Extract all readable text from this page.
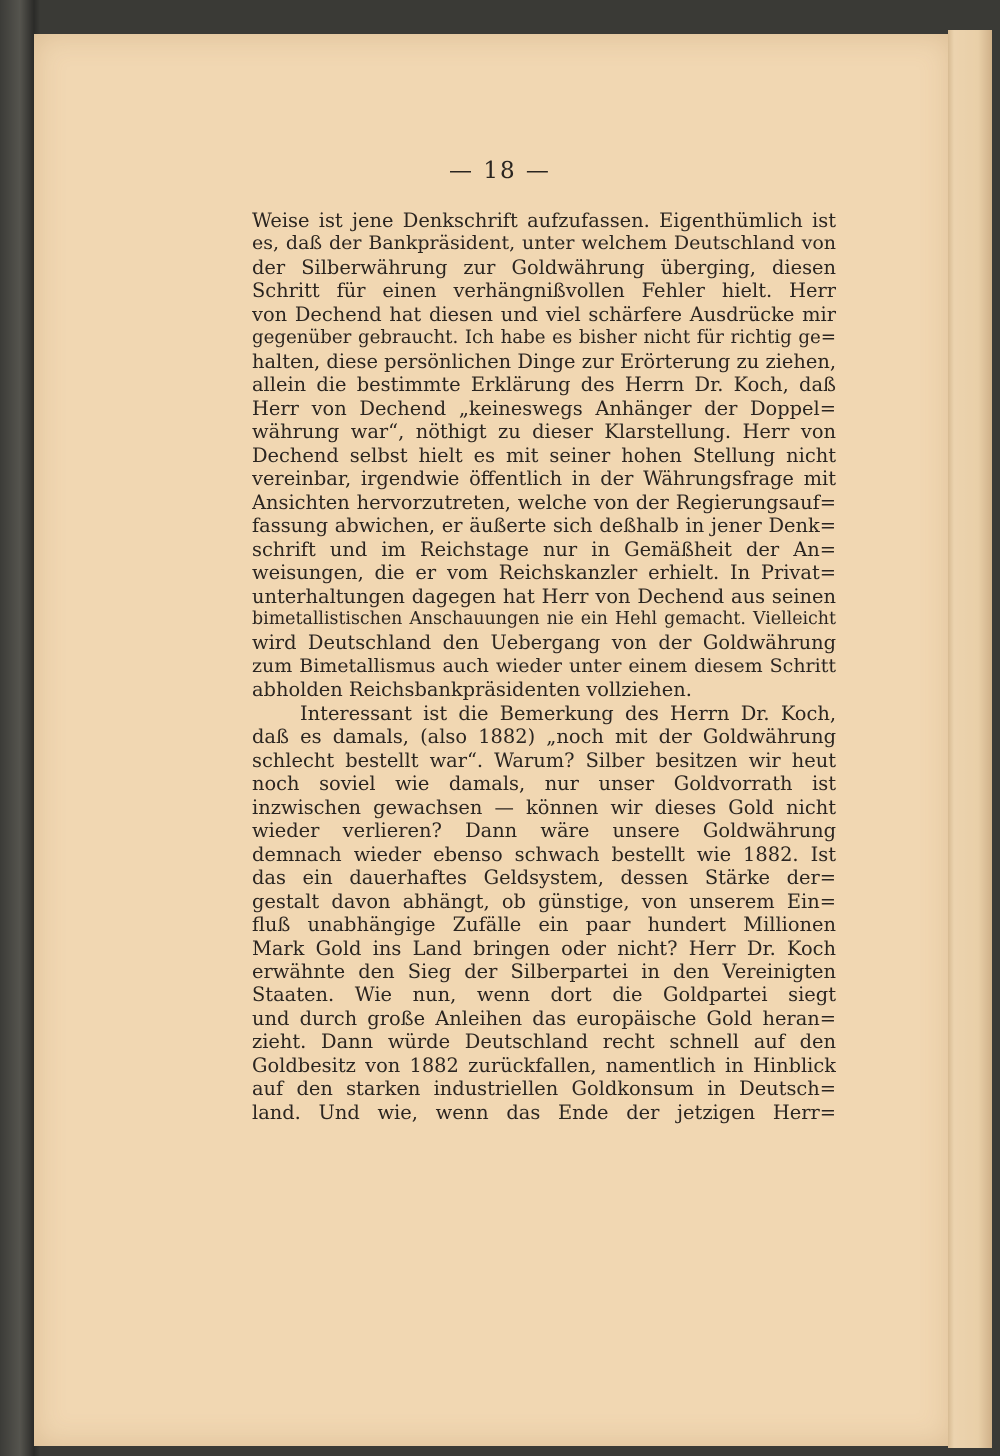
— 18 —
Weise ist jene Denkschrift aufzufassen. Eigenthümlich ist
es, daß der Bankpräsident, unter welchem Deutschland von
der Silberwährung zur Goldwährung überging, diesen
Schritt für einen verhängnißvollen Fehler hielt. Herr
von Dechend hat diesen und viel schärfere Ausdrücke mir
gegenüber gebraucht. Ich habe es bisher nicht für richtig ge=
halten, diese persönlichen Dinge zur Erörterung zu ziehen,
allein die bestimmte Erklärung des Herrn Dr. Koch, daß
Herr von Dechend „keineswegs Anhänger der Doppel=
währung war“, nöthigt zu dieser Klarstellung. Herr von
Dechend selbst hielt es mit seiner hohen Stellung nicht
vereinbar, irgendwie öffentlich in der Währungsfrage mit
Ansichten hervorzutreten, welche von der Regierungsauf=
fassung abwichen, er äußerte sich deßhalb in jener Denk=
schrift und im Reichstage nur in Gemäßheit der An=
weisungen, die er vom Reichskanzler erhielt. In Privat=
unterhaltungen dagegen hat Herr von Dechend aus seinen
bimetallistischen Anschauungen nie ein Hehl gemacht. Vielleicht
wird Deutschland den Uebergang von der Goldwährung
zum Bimetallismus auch wieder unter einem diesem Schritt
abholden Reichsbankpräsidenten vollziehen.
Interessant ist die Bemerkung des Herrn Dr. Koch,
daß es damals, (also 1882) „noch mit der Goldwährung
schlecht bestellt war“. Warum? Silber besitzen wir heut
noch soviel wie damals, nur unser Goldvorrath ist
inzwischen gewachsen — können wir dieses Gold nicht
wieder verlieren? Dann wäre unsere Goldwährung
demnach wieder ebenso schwach bestellt wie 1882. Ist
das ein dauerhaftes Geldsystem, dessen Stärke der=
gestalt davon abhängt, ob günstige, von unserem Ein=
fluß unabhängige Zufälle ein paar hundert Millionen
Mark Gold ins Land bringen oder nicht? Herr Dr. Koch
erwähnte den Sieg der Silberpartei in den Vereinigten
Staaten. Wie nun, wenn dort die Goldpartei siegt
und durch große Anleihen das europäische Gold heran=
zieht. Dann würde Deutschland recht schnell auf den
Goldbesitz von 1882 zurückfallen, namentlich in Hinblick
auf den starken industriellen Goldkonsum in Deutsch=
land. Und wie, wenn das Ende der jetzigen Herr=
